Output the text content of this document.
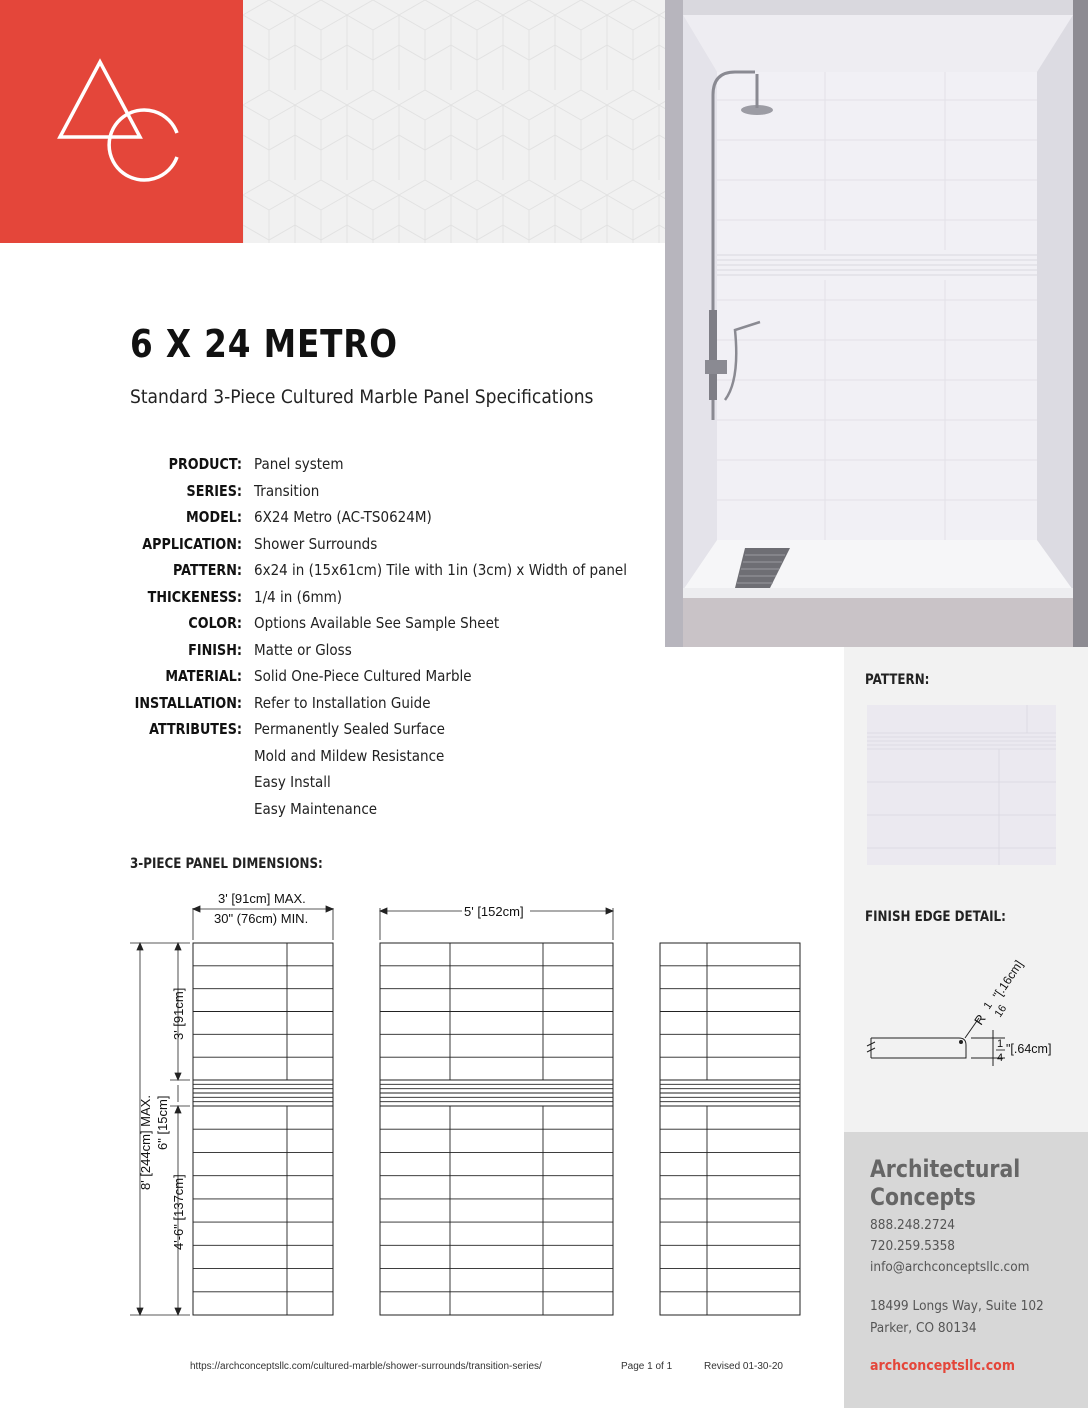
6 X 24 METRO
Standard 3-Piece Cultured Marble Panel Specifications
PRODUCT: Panel system
SERIES: Transition
MODEL: 6X24 Metro (AC-TS0624M)
APPLICATION: Shower Surrounds
PATTERN: 6x24 in (15x61cm) Tile with 1in (3cm) x Width of panel
THICKENESS: 1/4 in (6mm)
COLOR: Options Available See Sample Sheet
FINISH: Matte or Gloss
MATERIAL: Solid One-Piece Cultured Marble
INSTALLATION: Refer to Installation Guide
ATTRIBUTES: Permanently Sealed Surface
Mold and Mildew Resistance
Easy Install
Easy Maintenance
3-PIECE PANEL DIMENSIONS:
3' [91cm] MAX.
30" (76cm) MIN.	5' [152cm]
8' [244cm] MAX.
3' [91cm]
6" [15cm]
4'-6" [137cm]
PATTERN:
FINISH EDGE DETAIL:
R
1
16
"[.16cm]
1
4
"[.64cm]
Architectural
Concepts
888.248.2724
720.259.5358
info@archconceptsllc.com
18499 Longs Way, Suite 102
Parker, CO 80134
archconceptsllc.com
https://archconceptsllc.com/cultured-marble/shower-surrounds/transition-series/	Page 1 of 1	Revised 01-30-20
